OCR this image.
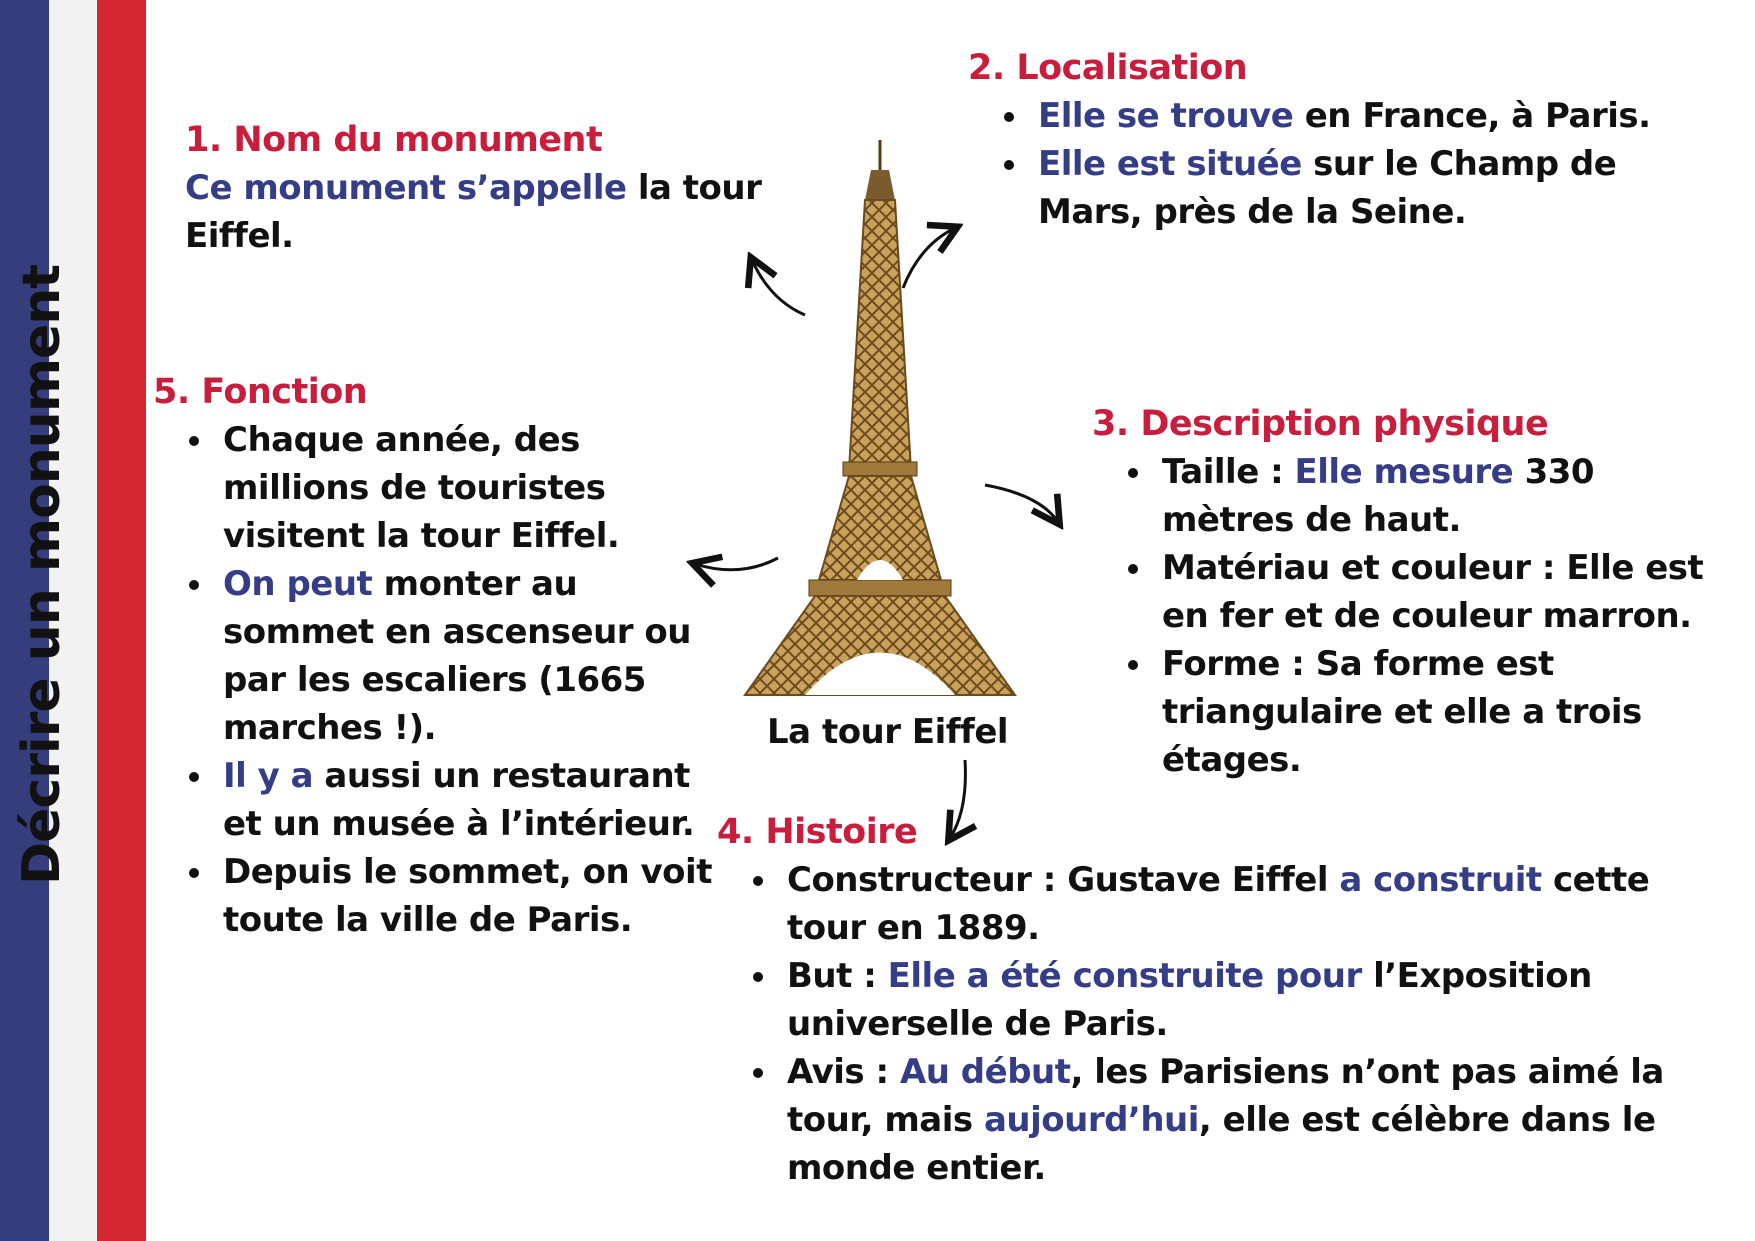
Décrire un monument
1. Nom du monument
Ce monument s’appelle la tour Eiffel.
2. Localisation
Elle se trouve en France, à Paris.
Elle est située sur le Champ de Mars, près de la Seine.
3. Description physique
Taille : Elle mesure 330 mètres de haut.
Matériau et couleur : Elle est en fer et de couleur marron.
Forme : Sa forme est triangulaire et elle a trois étages.
4. Histoire
Constructeur : Gustave Eiffel a construit cette tour en 1889.
But : Elle a été construite pour l’Exposition universelle de Paris.
Avis : Au début, les Parisiens n’ont pas aimé la tour, mais aujourd’hui, elle est célèbre dans le monde entier.
5. Fonction
Chaque année, des millions de touristes visitent la tour Eiffel.
On peut monter au sommet en ascenseur ou par les escaliers (1665 marches !).
Il y a aussi un restaurant et un musée à l’intérieur.
Depuis le sommet, on voit toute la ville de Paris.
La tour Eiffel
